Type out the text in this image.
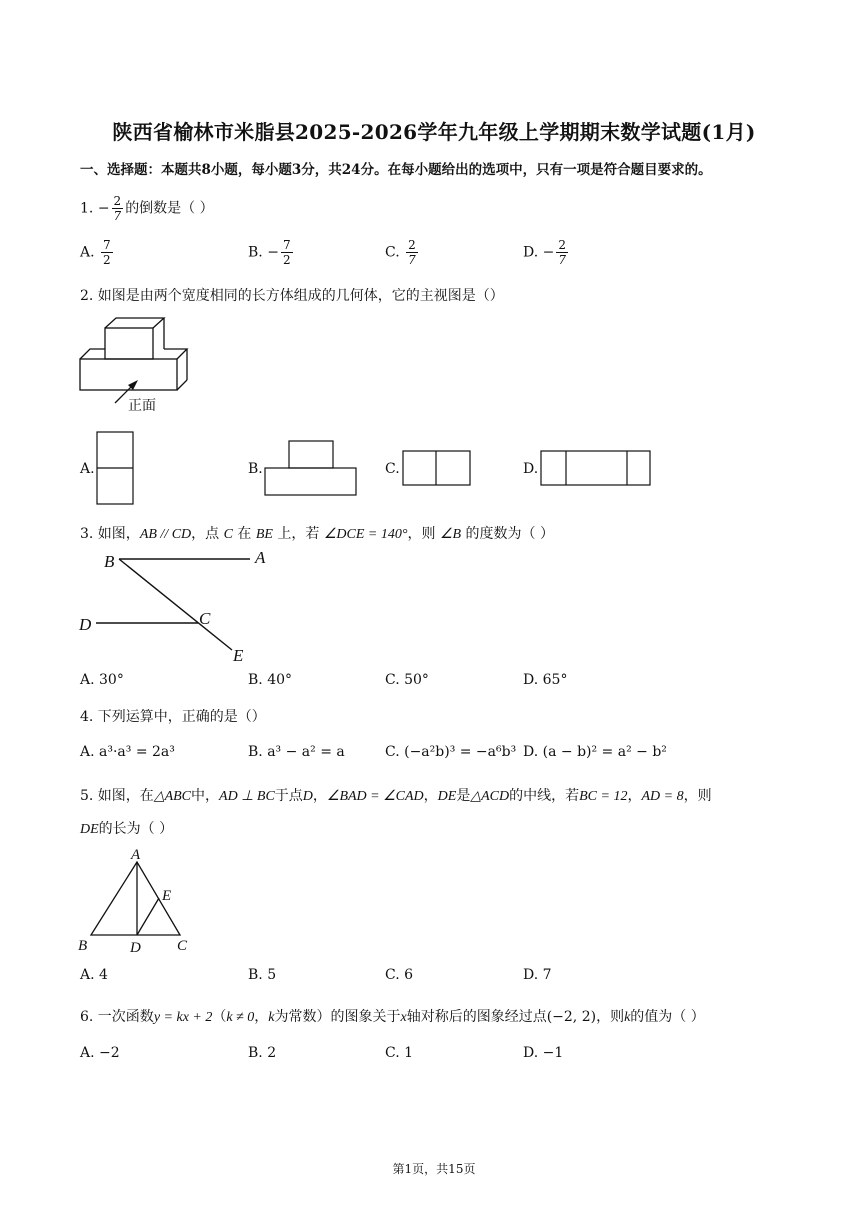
陕西省榆林市米脂县2025-2026学年九年级上学期期末数学试题(1月)
一、选择题：本题共8小题，每小题3分，共24分。在每小题给出的选项中，只有一项是符合题目要求的。
1. − $\frac{2}{7}$ 的倒数是（ ）
A. $\frac{7}{2}$	B. − $\frac{7}{2}$	C. $\frac{2}{7}$	D. − $\frac{2}{7}$
2. 如图是由两个宽度相同的长方体组成的几何体，它的主视图是（）
正面
A.	B.	C.	D.
3. 如图，AB // CD，点 C 在 BE 上，若 ∠DCE = 140°，则 ∠B 的度数为（ ）
B	A
D	C
E
A. 30°	B. 40°	C. 50°	D. 65°
4. 下列运算中，正确的是（）
A. a³·a³ = 2a³	B. a³ − a² = a	C. (−a²b)³ = −a⁶b³ D. (a − b)² = a² − b²
5. 如图，在△ABC中，AD ⊥ BC于点D，∠BAD = ∠CAD，DE是△ACD的中线，若BC = 12，AD = 8，则
DE的长为（ ）
A
E
B	D C
A. 4	B. 5	C. 6	D. 7
6. 一次函数y = kx + 2（k ≠ 0，k为常数）的图象关于x轴对称后的图象经过点(−2, 2)，则k的值为（ ）
A. −2	B. 2	C. 1	D. −1
第1页，共15页
